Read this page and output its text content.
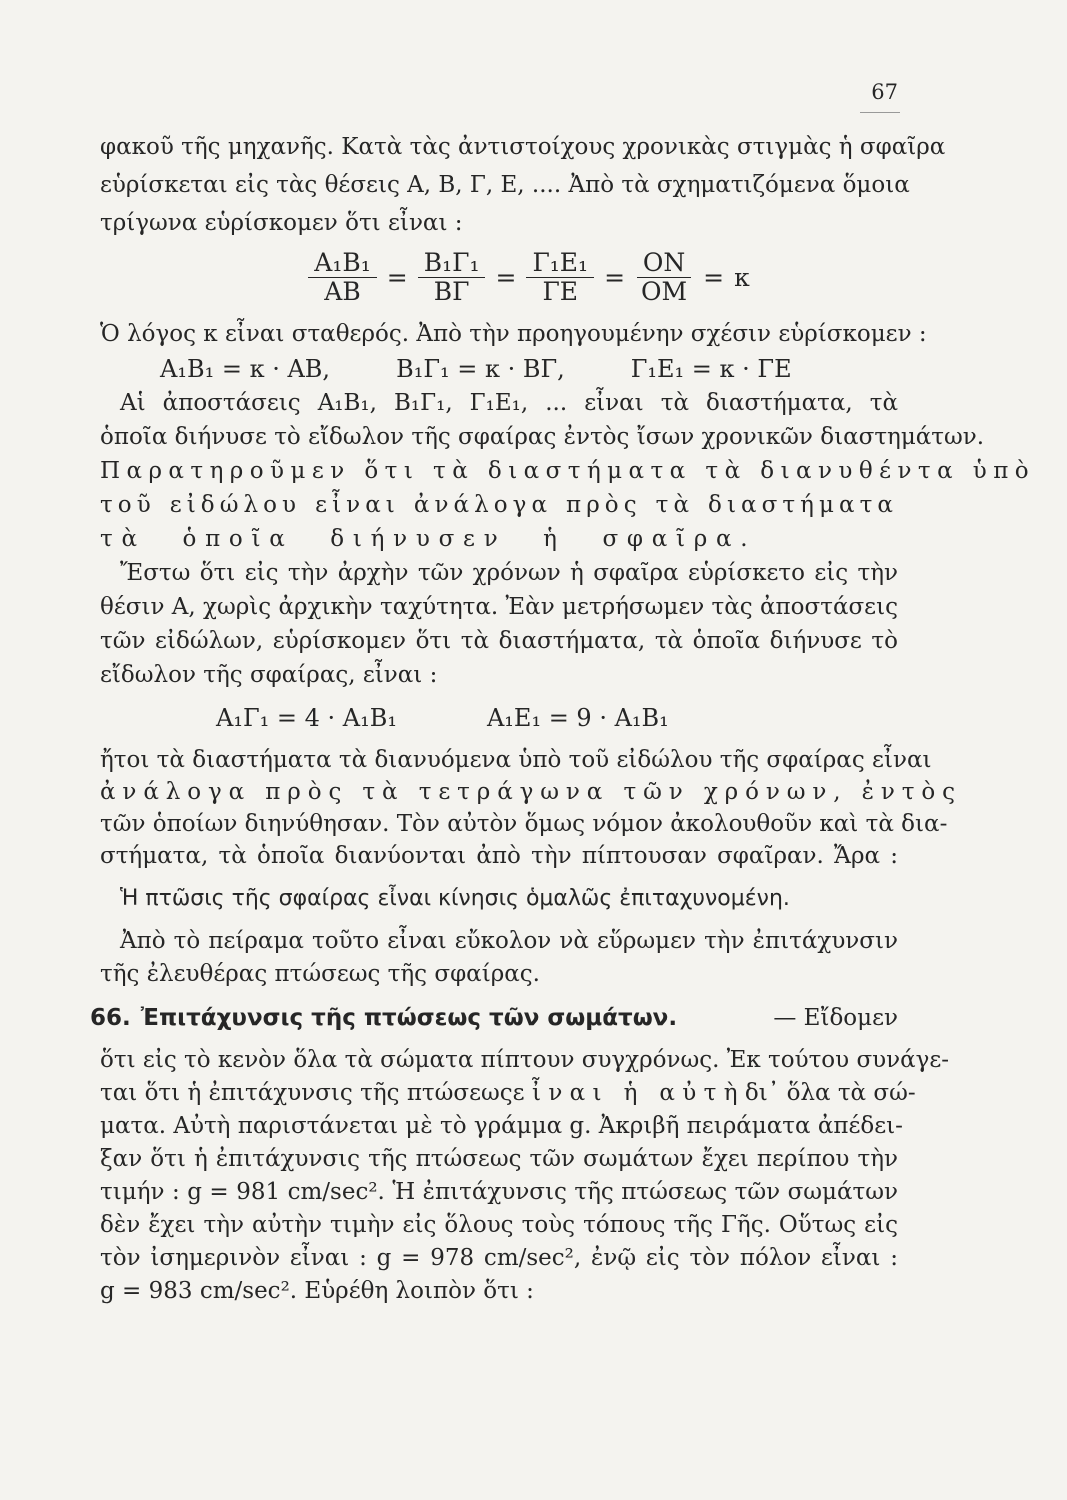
67

φακοῦ τῆς μηχανῆς. Κατὰ τὰς ἀντιστοίχους χρονικὰς στιγμὰς ἡ σφαῖρα

εὑρίσκεται εἰς τὰς θέσεις Α, Β, Γ, Ε, .... Ἀπὸ τὰ σχηματιζόμενα ὅμοια

τρίγωνα εὑρίσκομεν ὅτι εἶναι :

$\frac{\text{Α₁Β₁}}{AB} = \frac{\text{Β₁Γ₁}}{B\Gamma} = \frac{\text{Γ₁Ε₁}}{\Gamma E} = \frac{ON}{OM} = \kappa$

Ὁ λόγος κ εἶναι σταθερός. Ἀπὸ τὴν προηγουμένην σχέσιν εὑρίσκομεν :

Α₁Β₁ = κ · ΑΒ,	Β₁Γ₁ = κ · ΒΓ,	Γ₁Ε₁ = κ · ΓΕ

Αἱ ἀποστάσεις Α₁Β₁, Β₁Γ₁, Γ₁Ε₁, ... εἶναι τὰ διαστήματα, τὰ

ὁποῖα διήνυσε τὸ εἴδωλον τῆς σφαίρας ἐντὸς ἴσων χρονικῶν διαστημάτων.

Παρατηροῦμεν ὅτι τὰ διαστήματα τὰ διανυθέντα ὑπὸ

τοῦ εἰδώλου εἶναι ἀνάλογα πρὸς τὰ διαστήματα

τὰ ὁποῖα διήνυσεν ἡ σφαῖρα.

Ἔστω ὅτι εἰς τὴν ἀρχὴν τῶν χρόνων ἡ σφαῖρα εὑρίσκετο εἰς τὴν

θέσιν Α, χωρὶς ἀρχικὴν ταχύτητα. Ἐὰν μετρήσωμεν τὰς ἀποστάσεις

τῶν εἰδώλων, εὑρίσκομεν ὅτι τὰ διαστήματα, τὰ ὁποῖα διήνυσε τὸ

εἴδωλον τῆς σφαίρας, εἶναι :

Α₁Γ₁ = 4 · Α₁Β₁	Α₁Ε₁ = 9 · Α₁Β₁

ἤτοι τὰ διαστήματα τὰ διανυόμενα ὑπὸ τοῦ εἰδώλου τῆς σφαίρας εἶναι

ἀνάλογα πρὸς τὰ τετράγωνα τῶν χρόνων, ἐντὸς

τῶν ὁποίων διηνύθησαν. Τὸν αὐτὸν ὅμως νόμον ἀκολουθοῦν καὶ τὰ δια-

στήματα, τὰ ὁποῖα διανύονται ἀπὸ τὴν πίπτουσαν σφαῖραν. Ἄρα :

Ἡ πτῶσις τῆς σφαίρας εἶναι κίνησις ὁμαλῶς ἐπιταχυνομένη.

Ἀπὸ τὸ πείραμα τοῦτο εἶναι εὔκολον νὰ εὕρωμεν τὴν ἐπιτάχυνσιν

τῆς ἐλευθέρας πτώσεως τῆς σφαίρας.

66. Ἐπιτάχυνσις τῆς πτώσεως τῶν σωμάτων.	— Εἴδομεν

ὅτι εἰς τὸ κενὸν ὅλα τὰ σώματα πίπτουν συγχρόνως. Ἐκ τούτου συνάγε-

ται ὅτι ἡ ἐπιτάχυνσις τῆς πτώσεως εἶναι ἡ αὐτὴ δι᾽ ὅλα τὰ σώ-

ματα. Αὐτὴ παριστάνεται μὲ τὸ γράμμα g. Ἀκριβῆ πειράματα ἀπέδει-

ξαν ὅτι ἡ ἐπιτάχυνσις τῆς πτώσεως τῶν σωμάτων ἔχει περίπου τὴν

τιμήν : g = 981 cm/sec². Ἡ ἐπιτάχυνσις τῆς πτώσεως τῶν σωμάτων

δὲν ἔχει τὴν αὐτὴν τιμὴν εἰς ὅλους τοὺς τόπους τῆς Γῆς. Οὕτως εἰς

τὸν ἰσημερινὸν εἶναι : g = 978 cm/sec², ἐνῷ εἰς τὸν πόλον εἶναι :

g = 983 cm/sec². Εὑρέθη λοιπὸν ὅτι :
